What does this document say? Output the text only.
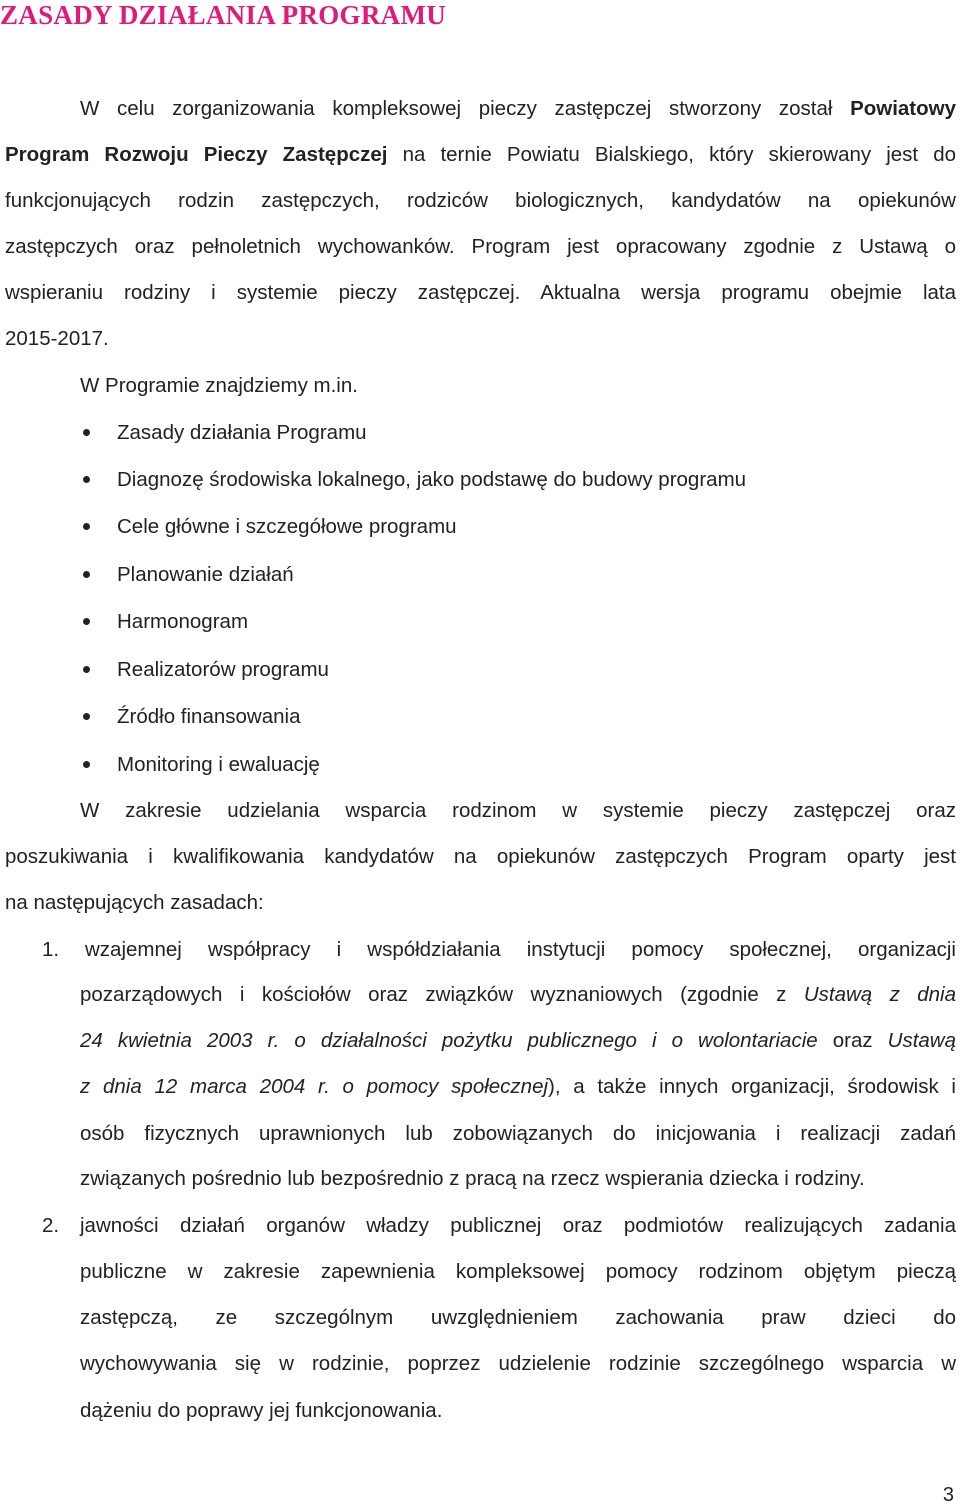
ZASADY DZIAŁANIA PROGRAMU

W celu zorganizowania kompleksowej pieczy zastępczej stworzony został Powiatowy

Program Rozwoju Pieczy Zastępczej na ternie Powiatu Bialskiego, który skierowany jest do

funkcjonujących rodzin zastępczych, rodziców biologicznych, kandydatów na opiekunów

zastępczych oraz pełnoletnich wychowanków. Program jest opracowany zgodnie z Ustawą o

wspieraniu rodziny i systemie pieczy zastępczej. Aktualna wersja programu obejmie lata

2015-2017.

W Programie znajdziemy m.in.

Zasady działania Programu

Diagnozę środowiska lokalnego, jako podstawę do budowy programu

Cele główne i szczegółowe programu

Planowanie działań

Harmonogram

Realizatorów programu

Źródło finansowania

Monitoring i ewaluację

W zakresie udzielania wsparcia rodzinom w systemie pieczy zastępczej oraz

poszukiwania i kwalifikowania kandydatów na opiekunów zastępczych Program oparty jest

na następujących zasadach:

1. wzajemnej współpracy i współdziałania instytucji pomocy społecznej, organizacji

pozarządowych i kościołów oraz związków wyznaniowych (zgodnie z Ustawą z dnia

24 kwietnia 2003 r. o działalności pożytku publicznego i o wolontariacie oraz Ustawą

z dnia 12 marca 2004 r. o pomocy społecznej), a także innych organizacji, środowisk i

osób fizycznych uprawnionych lub zobowiązanych do inicjowania i realizacji zadań

związanych pośrednio lub bezpośrednio z pracą na rzecz wspierania dziecka i rodziny.

2. jawności działań organów władzy publicznej oraz podmiotów realizujących zadania

publiczne w zakresie zapewnienia kompleksowej pomocy rodzinom objętym pieczą

zastępczą, ze szczególnym uwzględnieniem zachowania praw dzieci do

wychowywania się w rodzinie, poprzez udzielenie rodzinie szczególnego wsparcia w

dążeniu do poprawy jej funkcjonowania.

3
